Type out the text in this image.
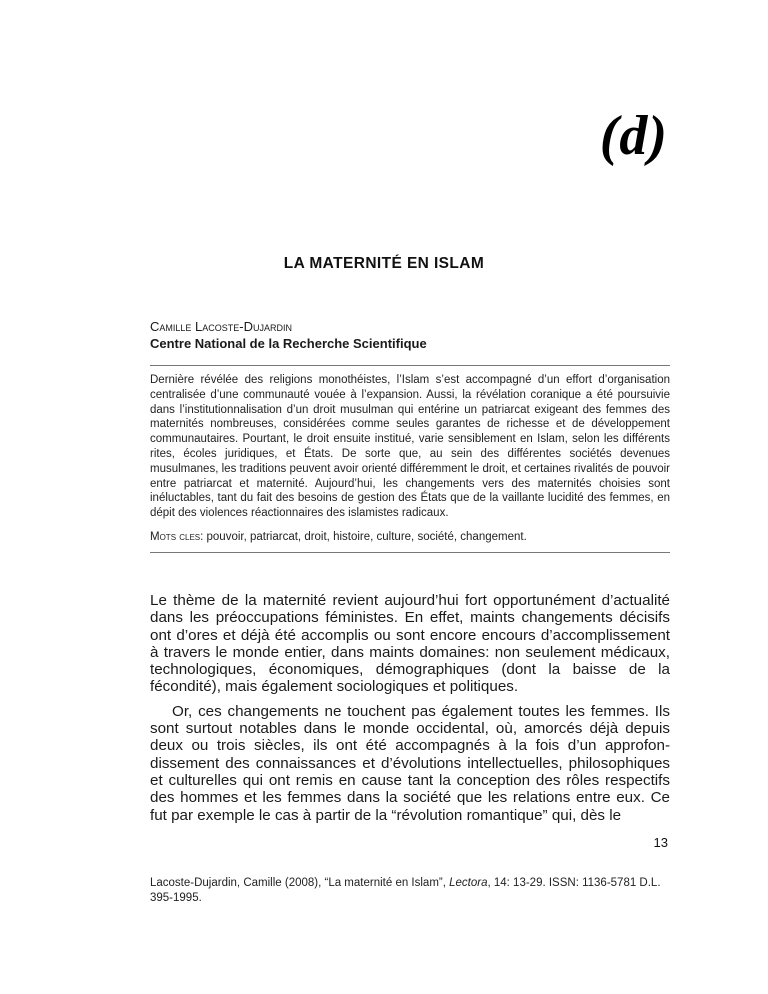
(d)
LA MATERNITÉ EN ISLAM
Camille Lacoste-Dujardin
Centre National de la Recherche Scientifique

Dernière révélée des religions monothéistes, l’Islam s’est accompagné d’un effort d’organisation centralisée d’une communauté vouée à l’expansion. Aussi, la révélation coranique a été poursuivie dans l’institutionnalisation d’un droit musulman qui entérine un patriarcat exigeant des femmes des maternités nombreuses, considérées comme seules garantes de richesse et de développement communautaires. Pourtant, le droit ensuite institué, varie sensiblement en Islam, selon les différents rites, écoles juridiques, et États. De sorte que, au sein des différentes sociétés devenues musulmanes, les traditions peuvent avoir orienté différemment le droit, et certaines rivalités de pouvoir entre patriarcat et maternité. Aujourd’hui, les changements vers des maternités choisies sont inéluctables, tant du fait des besoins de gestion des États que de la vaillante lucidité des femmes, en dépit des violences réactionnaires des islamistes radicaux.

Mots cles: pouvoir, patriarcat, droit, histoire, culture, société, changement.

Le thème de la maternité revient aujourd’hui fort opportunément d’actualité dans les préoccupations féministes. En effet, maints changements décisifs ont d’ores et déjà été accomplis ou sont encore encours d’accomplissement à travers le monde entier, dans maints domaines: non seulement médicaux, technologiques, économiques, démographiques (dont la baisse de la fécondité), mais également sociologiques et politiques.

Or, ces changements ne touchent pas également toutes les femmes. Ils sont surtout notables dans le monde occidental, où, amorcés déjà depuis deux ou trois siècles, ils ont été accompagnés à la fois d’un approfondissement des connaissances et d’évolutions intellectuelles, philosophiques et culturelles qui ont remis en cause tant la conception des rôles respectifs des hommes et les femmes dans la société que les relations entre eux. Ce fut par exemple le cas à partir de la “révolution romantique” qui, dès le

13

Lacoste-Dujardin, Camille (2008), “La maternité en Islam”, Lectora, 14: 13-29. ISSN: 1136-5781 D.L. 395-1995.
